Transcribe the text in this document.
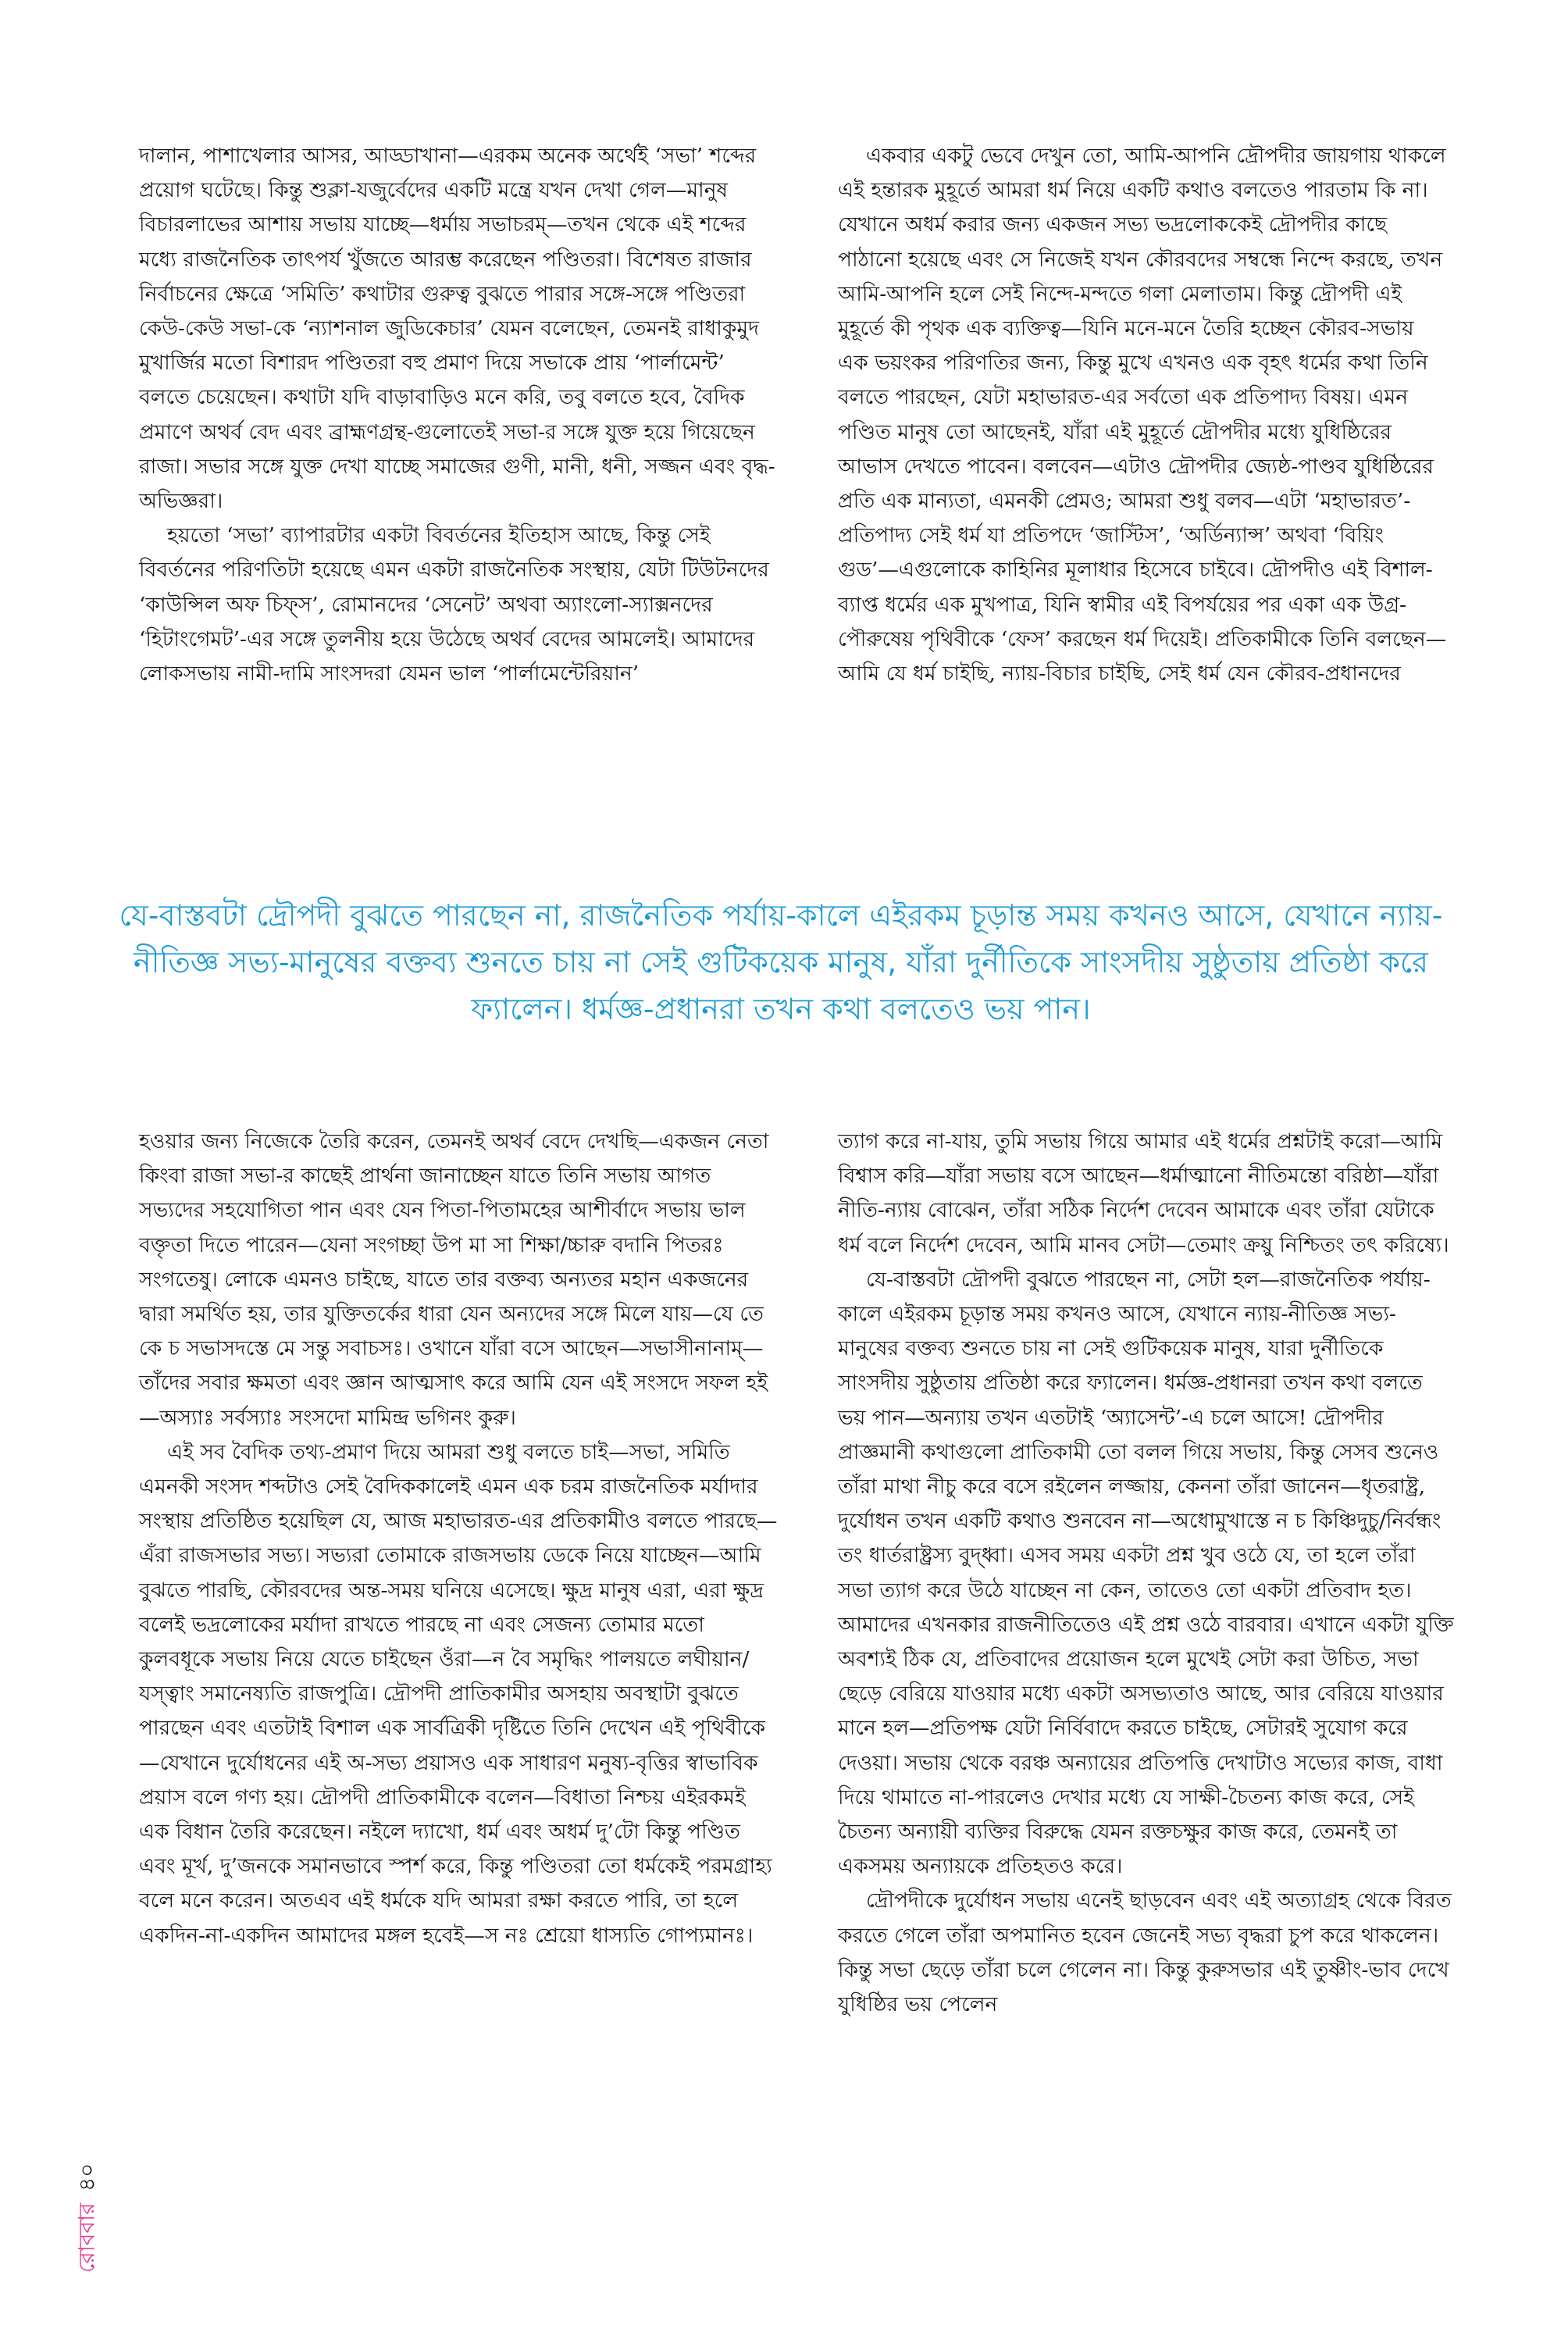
দালান, পাশাখেলার আসর, আড্ডাখানা—এরকম অনেক অর্থেই ‘সভা’ শব্দের প্রয়োগ ঘটেছে। কিন্তু শুক্লা-যজুর্বেদের একটি মন্ত্রে যখন দেখা গেল—মানুষ বিচারলাভের আশায় সভায় যাচ্ছে—ধর্মায় সভাচরম্—তখন থেকে এই শব্দের মধ্যে রাজনৈতিক তাৎপর্য খুঁজতে আরম্ভ করেছেন পণ্ডিতরা। বিশেষত রাজার নির্বাচনের ক্ষেত্রে ‘সমিতি’ কথাটার গুরুত্ব বুঝতে পারার সঙ্গে-সঙ্গে পণ্ডিতরা কেউ-কেউ সভা-কে ‘ন্যাশনাল জুডিকেচার’ যেমন বলেছেন, তেমনই রাধাকুমুদ মুখার্জির মতো বিশারদ পণ্ডিতরা বহু প্রমাণ দিয়ে সভাকে প্রায় ‘পার্লামেন্ট’ বলতে চেয়েছেন। কথাটা যদি বাড়াবাড়িও মনে করি, তবু বলতে হবে, বৈদিক প্রমাণে অথর্ব বেদ এবং ব্রাহ্মণগ্রন্থ-গুলোতেই সভা-র সঙ্গে যুক্ত হয়ে গিয়েছেন রাজা। সভার সঙ্গে যুক্ত দেখা যাচ্ছে সমাজের গুণী, মানী, ধনী, সজ্জন এবং বৃদ্ধ-অভিজ্ঞরা।

হয়তো ‘সভা’ ব্যাপারটার একটা বিবর্তনের ইতিহাস আছে, কিন্তু সেই বিবর্তনের পরিণতিটা হয়েছে এমন একটা রাজনৈতিক সংস্থায়, যেটা টিউটনদের ‘কাউন্সিল অফ চিফ্স’, রোমানদের ‘সেনেট’ অথবা অ্যাংলো-স্যাক্সনদের ‘হিটাংগেমট’-এর সঙ্গে তুলনীয় হয়ে উঠেছে অথর্ব বেদের আমলেই। আমাদের লোকসভায় নামী-দামি সাংসদরা যেমন ভাল ‘পার্লামেন্টেরিয়ান’

একবার একটু ভেবে দেখুন তো, আমি-আপনি দ্রৌপদীর জায়গায় থাকলে এই হন্তারক মুহূর্তে আমরা ধর্ম নিয়ে একটি কথাও বলতেও পারতাম কি না। যেখানে অধর্ম করার জন্য একজন সভ্য ভদ্রলোককেই দ্রৌপদীর কাছে পাঠানো হয়েছে এবং সে নিজেই যখন কৌরবদের সম্বন্ধে নিন্দে করছে, তখন আমি-আপনি হলে সেই নিন্দে-মন্দতে গলা মেলাতাম। কিন্তু দ্রৌপদী এই মুহূর্তে কী পৃথক এক ব্যক্তিত্ব—যিনি মনে-মনে তৈরি হচ্ছেন কৌরব-সভায় এক ভয়ংকর পরিণতির জন্য, কিন্তু মুখে এখনও এক বৃহৎ ধর্মের কথা তিনি বলতে পারছেন, যেটা মহাভারত-এর সর্বতো এক প্রতিপাদ্য বিষয়। এমন পণ্ডিত মানুষ তো আছেনই, যাঁরা এই মুহূর্তে দ্রৌপদীর মধ্যে যুধিষ্ঠিরের আভাস দেখতে পাবেন। বলবেন—এটাও দ্রৌপদীর জ্যেষ্ঠ-পাণ্ডব যুধিষ্ঠিরের প্রতি এক মান্যতা, এমনকী প্রেমও; আমরা শুধু বলব—এটা ‘মহাভারত’-প্রতিপাদ্য সেই ধর্ম যা প্রতিপদে ‘জাস্টিস’, ‘অর্ডিন্যান্স’ অথবা ‘বিয়িং গুড’—এগুলোকে কাহিনির মূলাধার হিসেবে চাইবে। দ্রৌপদীও এই বিশাল-ব্যাপ্ত ধর্মের এক মুখপাত্র, যিনি স্বামীর এই বিপর্যয়ের পর একা এক উগ্র-পৌরুষেয় পৃথিবীকে ‘ফেস’ করছেন ধর্ম দিয়েই। প্রতিকামীকে তিনি বলছেন—আমি যে ধর্ম চাইছি, ন্যায়-বিচার চাইছি, সেই ধর্ম যেন কৌরব-প্রধানদের

যে-বাস্তবটা দ্রৌপদী বুঝতে পারছেন না, রাজনৈতিক পর্যায়-কালে এইরকম চূড়ান্ত সময় কখনও আসে, যেখানে ন্যায়-নীতিজ্ঞ সভ্য-মানুষের বক্তব্য শুনতে চায় না সেই গুটিকয়েক মানুষ, যাঁরা দুর্নীতিকে সাংসদীয় সুষ্ঠুতায় প্রতিষ্ঠা করে ফ্যালেন। ধর্মজ্ঞ-প্রধানরা তখন কথা বলতেও ভয় পান।

হওয়ার জন্য নিজেকে তৈরি করেন, তেমনই অথর্ব বেদে দেখছি—একজন নেতা কিংবা রাজা সভা-র কাছেই প্রার্থনা জানাচ্ছেন যাতে তিনি সভায় আগত সভ্যদের সহযোগিতা পান এবং যেন পিতা-পিতামহের আশীর্বাদে সভায় ভাল বক্তৃতা দিতে পারেন—যেনা সংগচ্ছা উপ মা সা শিক্ষা/চ্চারু বদানি পিতরঃ সংগতেষু। লোকে এমনও চাইছে, যাতে তার বক্তব্য অন্যতর মহান একজনের দ্বারা সমর্থিত হয়, তার যুক্তিতর্কের ধারা যেন অন্যদের সঙ্গে মিলে যায়—যে তে কে চ সভাসদস্তে মে সন্তু সবাচসঃ। ওখানে যাঁরা বসে আছেন—সভাসীনানাম্—তাঁদের সবার ক্ষমতা এবং জ্ঞান আত্মসাৎ করে আমি যেন এই সংসদে সফল হই—অস্যাঃ সর্বস্যাঃ সংসদো মামিন্দ্র ভগিনং কুরু।

এই সব বৈদিক তথ্য-প্রমাণ দিয়ে আমরা শুধু বলতে চাই—সভা, সমিতি এমনকী সংসদ শব্দটাও সেই বৈদিককালেই এমন এক চরম রাজনৈতিক মর্যাদার সংস্থায় প্রতিষ্ঠিত হয়েছিল যে, আজ মহাভারত-এর প্রতিকামীও বলতে পারছে—এঁরা রাজসভার সভ্য। সভ্যরা তোমাকে রাজসভায় ডেকে নিয়ে যাচ্ছেন—আমি বুঝতে পারছি, কৌরবদের অন্ত-সময় ঘনিয়ে এসেছে। ক্ষুদ্র মানুষ এরা, এরা ক্ষুদ্র বলেই ভদ্রলোকের মর্যাদা রাখতে পারছে না এবং সেজন্য তোমার মতো কুলবধূকে সভায় নিয়ে যেতে চাইছেন ওঁরা—ন বৈ সমৃদ্ধিং পালয়তে লঘীয়ান/যস্ত্বাং সমানেষ্যতি রাজপুত্রি। দ্রৌপদী প্রাতিকামীর অসহায় অবস্থাটা বুঝতে পারছেন এবং এতটাই বিশাল এক সার্বত্রিকী দৃষ্টিতে তিনি দেখেন এই পৃথিবীকে—যেখানে দুর্যোধনের এই অ-সভ্য প্রয়াসও এক সাধারণ মনুষ্য-বৃত্তির স্বাভাবিক প্রয়াস বলে গণ্য হয়। দ্রৌপদী প্রাতিকামীকে বলেন—বিধাতা নিশ্চয় এইরকমই এক বিধান তৈরি করেছেন। নইলে দ্যাখো, ধর্ম এবং অধর্ম দু’টো কিন্তু পণ্ডিত এবং মূর্খ, দু’জনকে সমানভাবে স্পর্শ করে, কিন্তু পণ্ডিতরা তো ধর্মকেই পরমগ্রাহ্য বলে মনে করেন। অতএব এই ধর্মকে যদি আমরা রক্ষা করতে পারি, তা হলে একদিন-না-একদিন আমাদের মঙ্গল হবেই—স নঃ শ্রেয়ো ধাস্যতি গোপ্যমানঃ।

ত্যাগ করে না-যায়, তুমি সভায় গিয়ে আমার এই ধর্মের প্রশ্নটাই করো—আমি বিশ্বাস করি—যাঁরা সভায় বসে আছেন—ধর্মাত্মানো নীতিমন্তো বরিষ্ঠা—যাঁরা নীতি-ন্যায় বোঝেন, তাঁরা সঠিক নির্দেশ দেবেন আমাকে এবং তাঁরা যেটাকে ধর্ম বলে নির্দেশ দেবেন, আমি মানব সেটা—তেমাং ক্রয়ু নিশ্চিতং তৎ করিষ্যে।

যে-বাস্তবটা দ্রৌপদী বুঝতে পারছেন না, সেটা হল—রাজনৈতিক পর্যায়-কালে এইরকম চূড়ান্ত সময় কখনও আসে, যেখানে ন্যায়-নীতিজ্ঞ সভ্য-মানুষের বক্তব্য শুনতে চায় না সেই গুটিকয়েক মানুষ, যারা দুর্নীতিকে সাংসদীয় সুষ্ঠুতায় প্রতিষ্ঠা করে ফ্যালেন। ধর্মজ্ঞ-প্রধানরা তখন কথা বলতে ভয় পান—অন্যায় তখন এতটাই ‘অ্যাসেন্ট’-এ চলে আসে! দ্রৌপদীর প্রাজ্ঞমানী কথাগুলো প্রাতিকামী তো বলল গিয়ে সভায়, কিন্তু সেসব শুনেও তাঁরা মাথা নীচু করে বসে রইলেন লজ্জায়, কেননা তাঁরা জানেন—ধৃতরাষ্ট্র, দুর্যোধন তখন একটি কথাও শুনবেন না—অধোমুখাস্তে ন চ কিঞ্চিদুচু/নির্বন্ধং তং ধার্তরাষ্ট্রস্য বুদ্ধ্বা। এসব সময় একটা প্রশ্ন খুব ওঠে যে, তা হলে তাঁরা সভা ত্যাগ করে উঠে যাচ্ছেন না কেন, তাতেও তো একটা প্রতিবাদ হত। আমাদের এখনকার রাজনীতিতেও এই প্রশ্ন ওঠে বারবার। এখানে একটা যুক্তি অবশ্যই ঠিক যে, প্রতিবাদের প্রয়োজন হলে মুখেই সেটা করা উচিত, সভা ছেড়ে বেরিয়ে যাওয়ার মধ্যে একটা অসভ্যতাও আছে, আর বেরিয়ে যাওয়ার মানে হল—প্রতিপক্ষ যেটা নির্বিবাদে করতে চাইছে, সেটারই সুযোগ করে দেওয়া। সভায় থেকে বরঞ্চ অন্যায়ের প্রতিপত্তি দেখাটাও সভ্যের কাজ, বাধা দিয়ে থামাতে না-পারলেও দেখার মধ্যে যে সাক্ষী-চৈতন্য কাজ করে, সেই চৈতন্য অন্যায়ী ব্যক্তির বিরুদ্ধে যেমন রক্তচক্ষুর কাজ করে, তেমনই তা একসময় অন্যায়কে প্রতিহতও করে।

দ্রৌপদীকে দুর্যোধন সভায় এনেই ছাড়বেন এবং এই অত্যাগ্রহ থেকে বিরত করতে গেলে তাঁরা অপমানিত হবেন জেনেই সভ্য বৃদ্ধরা চুপ করে থাকলেন। কিন্তু সভা ছেড়ে তাঁরা চলে গেলেন না। কিন্তু কুরুসভার এই তুষ্ণীং-ভাব দেখে যুধিষ্ঠির ভয় পেলেন

রোববার
৪০
